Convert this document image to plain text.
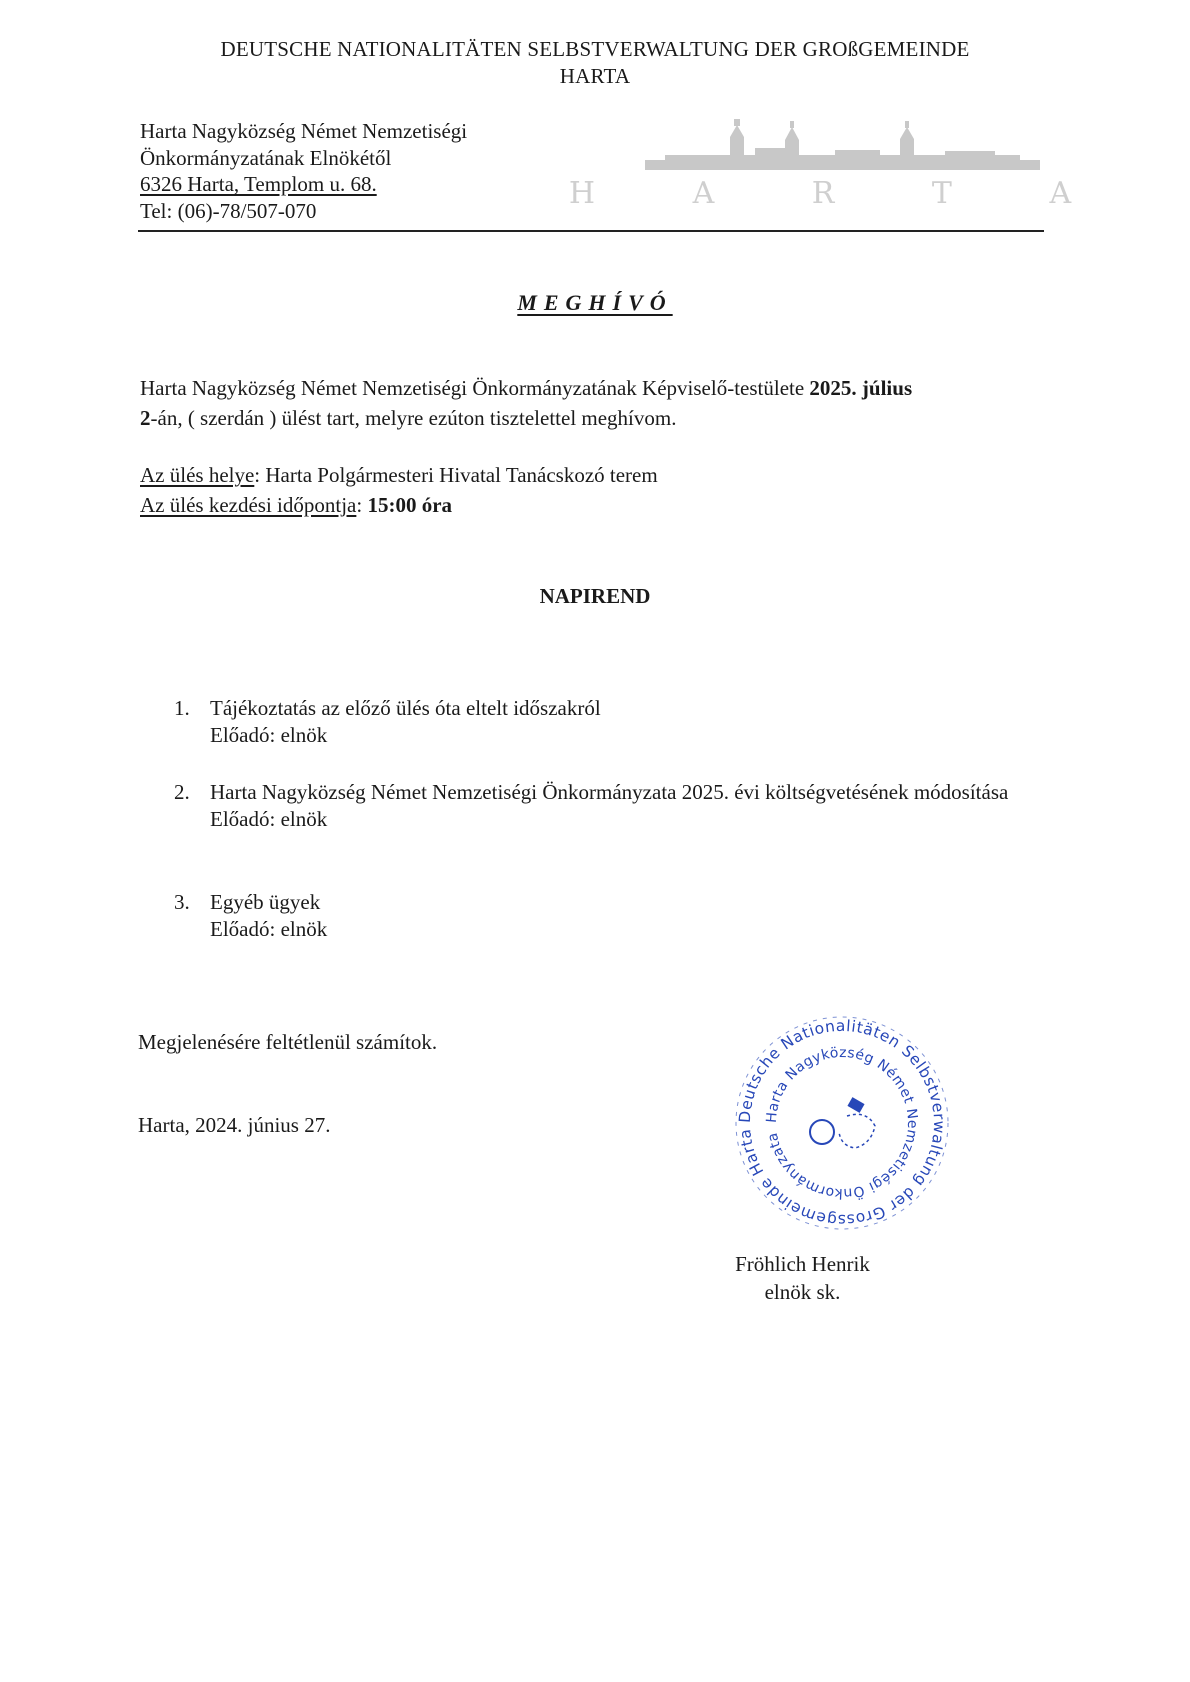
DEUTSCHE NATIONALITÄTEN SELBSTVERWALTUNG DER GROßGEMEINDE
HARTA
Harta Nagyközség Német Nemzetiségi
Önkormányzatának Elnökétől
6326 Harta, Templom u. 68.
Tel: (06)-78/507-070	H A R T A
MEGHÍVÓ
Harta Nagyközség Német Nemzetiségi Önkormányzatának Képviselő-testülete 2025. július
2-án, ( szerdán ) ülést tart, melyre ezúton tisztelettel meghívom.
Az ülés helye: Harta Polgármesteri Hivatal Tanácskozó terem
Az ülés kezdési időpontja: 15:00 óra
NAPIREND
1. Tájékoztatás az előző ülés óta eltelt időszakról
Előadó: elnök
2. Harta Nagyközség Német Nemzetiségi Önkormányzata 2025. évi költségvetésének módosítása
Előadó: elnök
3. Egyéb ügyek
Előadó: elnök
Megjelenésére feltétlenül számítok.
Harta, 2024. június 27.	Deutsche Nationalitäten Selbstverwaltung der Grossgemeinde Harta
Harta Nagyközség Német Nemzetiségi Önkormányzata
Fröhlich Henrik
elnök sk.
